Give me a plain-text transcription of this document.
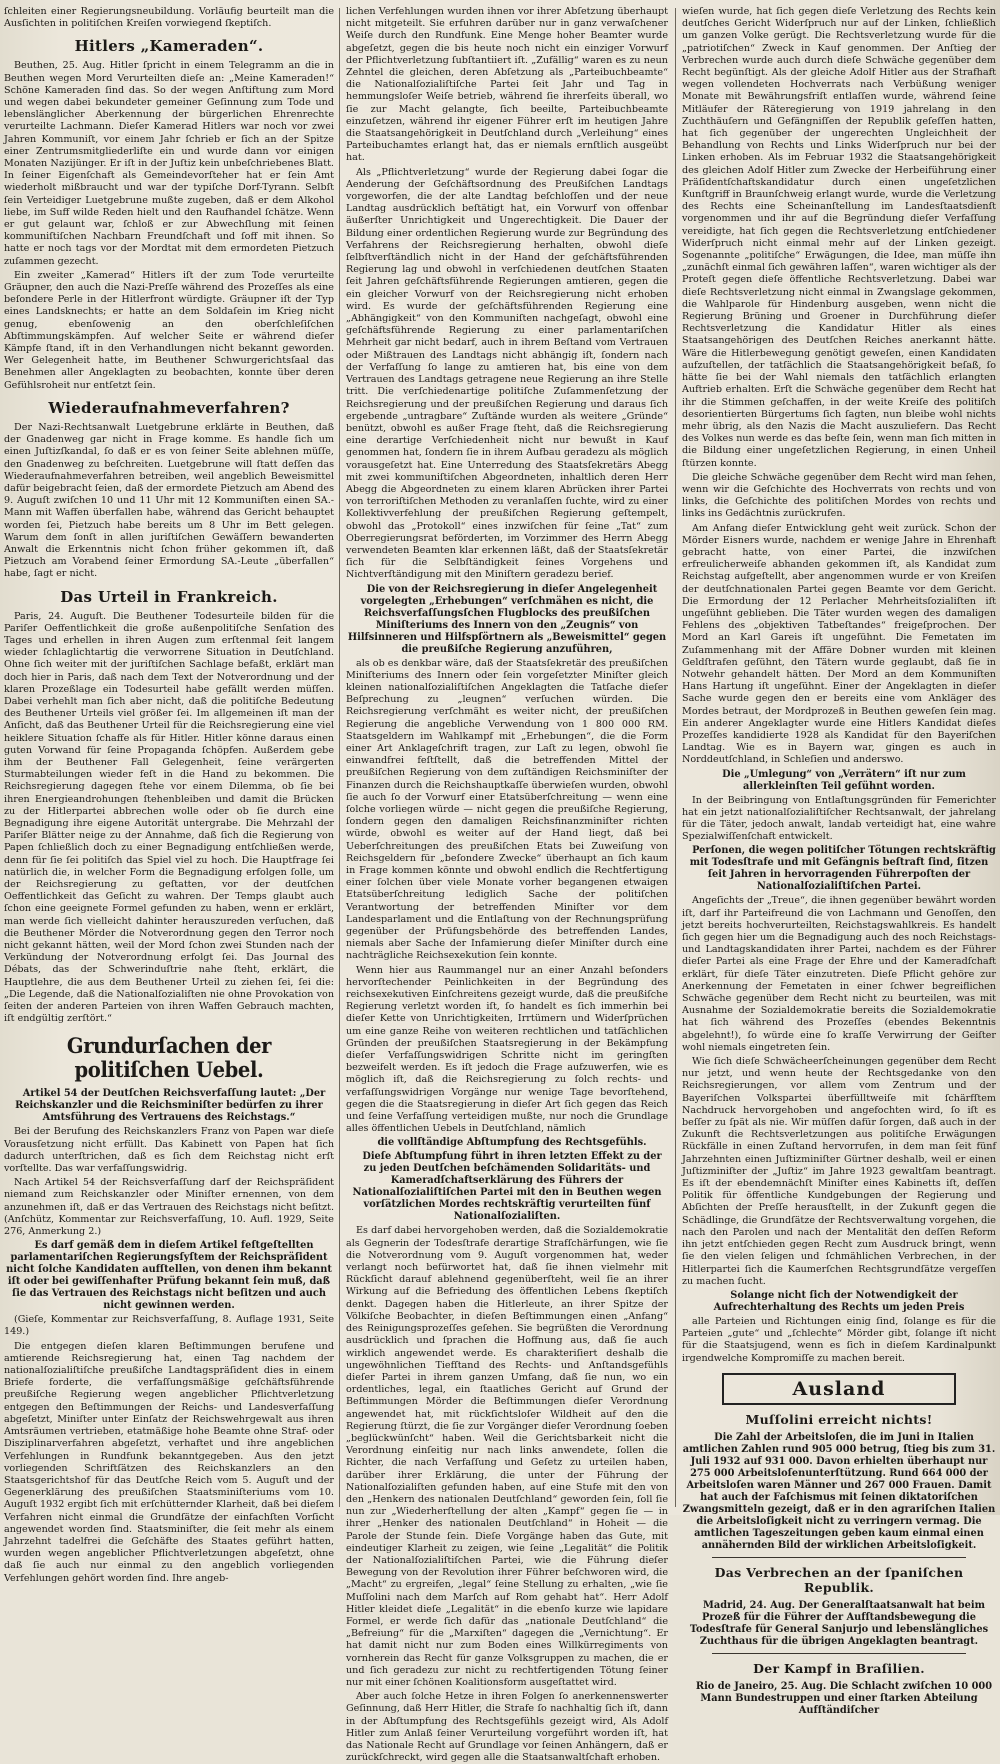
ſchleiten einer Regierungsneubildung. Vorläufig beurteilt man die Ausſichten in politiſchen Kreiſen vorwiegend ſkeptiſch.

Hitlers „Kameraden“.

Beuthen, 25. Aug. Hitler ſpricht in einem Telegramm an die in Beuthen wegen Mord Verurteilten dieſe an: „Meine Kameraden!“ Schöne Kameraden ſind das. So der wegen Anſtiftung zum Mord und wegen dabei bekundeter gemeiner Geſinnung zum Tode und lebenslänglicher Aberkennung der bürgerlichen Ehrenrechte verurteilte Lachmann. Dieſer Kamerad Hitlers war noch vor zwei Jahren Kommuniſt, vor einem Jahr ſchrieb er ſich an der Spitze einer Zentrumsmitgliederliſte ein und wurde dann vor einigen Monaten Nazijünger. Er iſt in der Juſtiz kein unbeſchriebenes Blatt. In ſeiner Eigenſchaft als Gemeindevorſteher hat er ſein Amt wiederholt mißbraucht und war der typiſche Dorf-Tyrann. Selbſt ſein Verteidiger Luetgebrune mußte zugeben, daß er dem Alkohol liebe, im Suff wilde Reden hielt und den Raufhandel ſchätze. Wenn er gut gelaunt war, ſchloß er zur Abwechſlung mit ſeinen kommuniſtiſchen Nachbarn Freundſchaft und ſoff mit ihnen. So hatte er noch tags vor der Mordtat mit dem ermordeten Pietzuch zuſammen gezecht.

Ein zweiter „Kamerad“ Hitlers iſt der zum Tode verurteilte Gräupner, den auch die Nazi-Preſſe während des Prozeſſes als eine beſondere Perle in der Hitlerfront würdigte. Gräupner iſt der Typ eines Landsknechts; er hatte an dem Soldaſein im Krieg nicht genug, ebenſowenig an den oberſchleſiſchen Abſtimmungskämpfen. Auf welcher Seite er während dieſer Kämpfe ſtand, iſt in den Verhandlungen nicht bekannt geworden. Wer Gelegenheit hatte, im Beuthener Schwurgerichtsſaal das Benehmen aller Angeklagten zu beobachten, konnte über deren Gefühlsroheit nur entſetzt ſein.

Wiederaufnahmeverfahren?

Der Nazi-Rechtsanwalt Luetgebrune erklärte in Beuthen, daß der Gnadenweg gar nicht in Frage komme. Es handle ſich um einen Juſtizſkandal, ſo daß er es von ſeiner Seite ablehnen müſſe, den Gnadenweg zu beſchreiten. Luetgebrune will ſtatt deſſen das Wiederaufnahmeverfahren betreiben, weil angeblich Beweismittel dafür beigebracht ſeien, daß der ermordete Pietzuch am Abend des 9. Auguſt zwiſchen 10 und 11 Uhr mit 12 Kommuniſten einen SA.-Mann mit Waffen überfallen habe, während das Gericht behauptet worden ſei, Pietzuch habe bereits um 8 Uhr im Bett gelegen. Warum dem ſonſt in allen juriſtiſchen Gewäſſern bewanderten Anwalt die Erkenntnis nicht ſchon früher gekommen iſt, daß Pietzuch am Vorabend ſeiner Ermordung SA.-Leute „überfallen“ habe, ſagt er nicht.

Das Urteil in Frankreich.

Paris, 24. Auguſt. Die Beuthener Todesurteile bilden für die Pariſer Oeffentlichkeit die große außenpolitiſche Senſation des Tages und erhellen in ihren Augen zum erſtenmal ſeit langem wieder ſchlaglichtartig die verworrene Situation in Deutſchland. Ohne ſich weiter mit der juriſtiſchen Sachlage befaßt, erklärt man doch hier in Paris, daß nach dem Text der Notverordnung und der klaren Prozeßlage ein Todesurteil habe gefällt werden müſſen. Dabei verhehlt man ſich aber nicht, daß die politiſche Bedeutung des Beuthener Urteils viel größer ſei. Im allgemeinen iſt man der Anſicht, daß das Beuthener Urteil für die Reichsregierung eine viel heiklere Situation ſchaffe als für Hitler. Hitler könne daraus einen guten Vorwand für ſeine Propaganda ſchöpfen. Außerdem gebe ihm der Beuthener Fall Gelegenheit, ſeine verärgerten Sturmabteilungen wieder feſt in die Hand zu bekommen. Die Reichsregierung dagegen ſtehe vor einem Dilemma, ob ſie bei ihren Energieandrohungen ſtehenbleiben und damit die Brücken zu der Hitlerpartei abbrechen wolle oder ob ſie durch eine Begnadigung ihre eigene Autorität untergrabe. Die Mehrzahl der Pariſer Blätter neige zu der Annahme, daß ſich die Regierung von Papen ſchließlich doch zu einer Begnadigung entſchließen werde, denn für ſie ſei politiſch das Spiel viel zu hoch. Die Hauptfrage ſei natürlich die, in welcher Form die Begnadigung erfolgen ſolle, um der Reichsregierung zu geſtatten, vor der deutſchen Oeffentlichkeit das Geſicht zu wahren. Der Temps glaubt auch ſchon eine geeignete Formel gefunden zu haben, wenn er erklärt, man werde ſich vielleicht dahinter herauszureden verſuchen, daß die Beuthener Mörder die Notverordnung gegen den Terror noch nicht gekannt hätten, weil der Mord ſchon zwei Stunden nach der Verkündung der Notverordnung erfolgt ſei. Das Journal des Débats, das der Schwerinduſtrie nahe ſteht, erklärt, die Hauptlehre, die aus dem Beuthener Urteil zu ziehen ſei, ſei die: „Die Legende, daß die Nationalſozialiſten nie ohne Provokation von ſeiten der anderen Parteien von ihren Waffen Gebrauch machten, iſt endgültig zerſtört.“

Grundurſachen der politiſchen Uebel.

Artikel 54 der Deutſchen Reichsverfaſſung lautet: „Der Reichskanzler und die Reichsminiſter bedürfen zu ihrer Amtsführung des Vertrauens des Reichstags.“

Bei der Berufung des Reichskanzlers Franz von Papen war dieſe Vorausſetzung nicht erfüllt. Das Kabinett von Papen hat ſich dadurch unterſtrichen, daß es ſich dem Reichstag nicht erſt vorſtellte. Das war verfaſſungswidrig.

Nach Artikel 54 der Reichsverfaſſung darf der Reichspräſident niemand zum Reichskanzler oder Miniſter ernennen, von dem anzunehmen iſt, daß er das Vertrauen des Reichstags nicht beſitzt. (Anſchütz, Kommentar zur Reichsverfaſſung, 10. Aufl. 1929, Seite 276, Anmerkung 2.)

Es darf gemäß dem in dieſem Artikel feſtgeſtellten parlamentariſchen Regierungsſyſtem der Reichspräſident nicht ſolche Kandidaten aufſtellen, von denen ihm bekannt iſt oder bei gewiſſenhafter Prüfung bekannt ſein muß, daß ſie das Vertrauen des Reichstags nicht beſitzen und auch nicht gewinnen werden.

(Gieſe, Kommentar zur Reichsverfaſſung, 8. Auflage 1931, Seite 149.)

Die entgegen dieſen klaren Beſtimmungen berufene und amtierende Reichsregierung hat, einen Tag nachdem der nationalſozialiſtiſche preußiſche Landtagspräſident dies in einem Briefe forderte, die verfaſſungsmäßige geſchäftsführende preußiſche Regierung wegen angeblicher Pflichtverletzung entgegen den Beſtimmungen der Reichs- und Landesverfaſſung abgeſetzt, Miniſter unter Einſatz der Reichswehrgewalt aus ihren Amtsräumen vertrieben, etatmäßige hohe Beamte ohne Straf- oder Disziplinarverfahren abgeſetzt, verhaftet und ihre angeblichen Verfehlungen in Rundfunk bekanntgegeben. Aus den jetzt vorliegenden Schriftſätzen des Reichskanzlers an den Staatsgerichtshof für das Deutſche Reich vom 5. Auguſt und der Gegenerklärung des preußiſchen Staatsminiſteriums vom 10. Auguſt 1932 ergibt ſich mit erſchütternder Klarheit, daß bei dieſem Verfahren nicht einmal die Grundſätze der einfachſten Vorſicht angewendet worden ſind. Staatsminiſter, die ſeit mehr als einem Jahrzehnt tadelfrei die Geſchäfte des Staates geführt hatten, wurden wegen angeblicher Pflichtverletzungen abgeſetzt, ohne daß ſie auch nur einmal zu den angeblich vorliegenden Verfehlungen gehört worden ſind. Ihre angeb-

lichen Verfehlungen wurden ihnen vor ihrer Abſetzung überhaupt nicht mitgeteilt. Sie erfuhren darüber nur in ganz verwaſchener Weiſe durch den Rundfunk. Eine Menge hoher Beamter wurde abgeſetzt, gegen die bis heute noch nicht ein einziger Vorwurf der Pflichtverletzung ſubſtantiiert iſt. „Zufällig“ waren es zu neun Zehntel die gleichen, deren Abſetzung als „Parteibuchbeamte“ die Nationalſozialiſtiſche Partei ſeit Jahr und Tag in hemmungsloſer Weiſe betrieb, während ſie ihrerſeits überall, wo ſie zur Macht gelangte, ſich beeilte, Parteibuchbeamte einzuſetzen, während ihr eigener Führer erſt im heutigen Jahre die Staatsangehörigkeit in Deutſchland durch „Verleihung“ eines Parteibuchamtes erlangt hat, das er niemals ernſtlich ausgeübt hat.

Als „Pflichtverletzung“ wurde der Regierung dabei ſogar die Aenderung der Geſchäftsordnung des Preußiſchen Landtags vorgeworfen, die der alte Landtag beſchloſſen und der neue Landtag ausdrücklich beſtätigt hat, ein Vorwurf von offenbar äußerſter Unrichtigkeit und Ungerechtigkeit. Die Dauer der Bildung einer ordentlichen Regierung wurde zur Begründung des Verfahrens der Reichsregierung herhalten, obwohl dieſe ſelbſtverſtändlich nicht in der Hand der geſchäftsführenden Regierung lag und obwohl in verſchiedenen deutſchen Staaten ſeit Jahren geſchäftsführende Regierungen amtieren, gegen die ein gleicher Vorwurf von der Reichsregierung nicht erhoben wird. Es wurde der geſchäftsführenden Regierung eine „Abhängigkeit“ von den Kommuniſten nachgeſagt, obwohl eine geſchäftsführende Regierung zu einer parlamentariſchen Mehrheit gar nicht bedarf, auch in ihrem Beſtand vom Vertrauen oder Mißtrauen des Landtags nicht abhängig iſt, ſondern nach der Verfaſſung ſo lange zu amtieren hat, bis eine von dem Vertrauen des Landtags getragene neue Regierung an ihre Stelle tritt. Die verſchiedenartige politiſche Zuſammenſetzung der Reichsregierung und der preußiſchen Regierung und daraus ſich ergebende „untragbare“ Zuſtände wurden als weitere „Gründe“ benützt, obwohl es außer Frage ſteht, daß die Reichsregierung eine derartige Verſchiedenheit nicht nur bewußt in Kauf genommen hat, ſondern ſie in ihrem Aufbau geradezu als möglich vorausgeſetzt hat. Eine Unterredung des Staatsſekretärs Abegg mit zwei kommuniſtiſchen Abgeordneten, inhaltlich deren Herr Abegg die Abgeordneten zu einem klaren Abrücken ihrer Partei von terroriſtiſchen Methoden zu veranlaſſen ſuchte, wird zu einer Kollektivverfehlung der preußiſchen Regierung geſtempelt, obwohl das „Protokoll“ eines inzwiſchen für ſeine „Tat“ zum Oberregierungsrat beförderten, im Vorzimmer des Herrn Abegg verwendeten Beamten klar erkennen läßt, daß der Staatsſekretär ſich für die Selbſtändigkeit ſeines Vorgehens und Nichtverſtändigung mit den Miniſtern geradezu berief.

Die von der Reichsregierung in dieſer Angelegenheit vorgelegten „Erhebungen“ verſchmähen es nicht, die Reichsverfaſſungsſchen Flugblocks des preußiſchen Miniſteriums des Innern von den „Zeugnis“ von Hilfsinneren und Hilfspſörtnern als „Beweismittel“ gegen die preußiſche Regierung anzuführen,

als ob es denkbar wäre, daß der Staatsſekretär des preußiſchen Miniſteriums des Innern oder ſein vorgeſetzter Miniſter gleich kleinen nationalſozialiſtiſchen Angeklagten die Tatſache dieſer Beſprechung zu „leugnen“ verſuchen würden. Die Reichsregierung verſchmäht es weiter nicht, der preußiſchen Regierung die angebliche Verwendung von 1 800 000 RM. Staatsgeldern im Wahlkampf mit „Erhebungen“, die die Form einer Art Anklageſchrift tragen, zur Laſt zu legen, obwohl ſie einwandfrei feſtſtellt, daß die betreffenden Mittel der preußiſchen Regierung von dem zuſtändigen Reichsminiſter der Finanzen durch die Reichshauptkaſſe überwieſen wurden, obwohl ſie auch ſo der Vorwurf einer Etatsüberſchreitung — wenn eine ſolche vorliegen würde — nicht gegen die preußiſche Regierung, ſondern gegen den damaligen Reichsfinanzminiſter richten würde, obwohl es weiter auf der Hand liegt, daß bei Ueberſchreitungen des preußiſchen Etats bei Zuweiſung von Reichsgeldern für „beſondere Zwecke“ überhaupt an ſich kaum in Frage kommen könnte und obwohl endlich die Rechtfertigung einer ſolchen über viele Monate vorher begangenen etwaigen Etatsüberſchreitung lediglich Sache der politiſchen Verantwortung der betreffenden Miniſter vor dem Landesparlament und die Entlaſtung von der Rechnungsprüfung gegenüber der Prüfungsbehörde des betreffenden Landes, niemals aber Sache der Infamierung dieſer Miniſter durch eine nachträgliche Reichsexekution ſein konnte.

Wenn hier aus Raummangel nur an einer Anzahl beſonders hervorſtechender Peinlichkeiten in der Begründung des reichsexekutiven Einſchreitens gezeigt wurde, daß die preußiſche Regierung verletzt worden iſt, ſo handelt es ſich immerhin bei dieſer Kette von Unrichtigkeiten, Irrtümern und Widerſprüchen um eine ganze Reihe von weiteren rechtlichen und tatſächlichen Gründen der preußiſchen Staatsregierung in der Bekämpfung dieſer Verfaſſungswidrigen Schritte nicht im geringſten bezweifelt werden. Es iſt jedoch die Frage aufzuwerfen, wie es möglich iſt, daß die Reichsregierung zu ſolch rechts- und verfaſſungswidrigen Vorgänge nur wenige Tage bevorſtehend, gegen die die Staatsregierung in dieſer Art ſich gegen das Reich und ſeine Verfaſſung verteidigen mußte, nur noch die Grundlage alles öffentlichen Uebels in Deutſchland, nämlich

die vollſtändige Abſtumpfung des Rechtsgefühls.

Dieſe Abſtumpfung führt in ihren letzten Effekt zu der zu jeden Deutſchen beſchämenden Solidaritäts- und Kameradſchaftserklärung des Führers der Nationalſozialiſtiſchen Partei mit den in Beuthen wegen vorſätzlichen Mordes rechtskräftig verurteilten fünf Nationalſozialiſten.

Es darf dabei hervorgehoben werden, daß die Sozialdemokratie als Gegnerin der Todesſtrafe derartige Strafſchärfungen, wie ſie die Notverordnung vom 9. Auguſt vorgenommen hat, weder verlangt noch befürwortet hat, daß ſie ihnen vielmehr mit Rückſicht darauf ablehnend gegenüberſteht, weil ſie an ihrer Wirkung auf die Befriedung des öffentlichen Lebens ſkeptiſch denkt. Dagegen haben die Hitlerleute, an ihrer Spitze der Völkiſche Beobachter, in dieſen Beſtimmungen einen „Anfang“ des Reinigungsprozeſſes geſehen. Sie begrüßten die Verordnung ausdrücklich und ſprachen die Hoffnung aus, daß ſie auch wirklich angewendet werde. Es charakteriſiert deshalb die ungewöhnlichen Tiefſtand des Rechts- und Anſtandsgefühls dieſer Partei in ihrem ganzen Umfang, daß ſie nun, wo ein ordentliches, legal, ein ſtaatliches Gericht auf Grund der Beſtimmungen Mörder die Beſtimmungen dieſer Verordnung angewendet hat, mit rückſichtsloſer Wildheit auf den die Regierung ſtürzt, die ſie zur Vorgänger dieſer Verordnung ſoeben „beglückwünſcht“ haben. Weil die Gerichtsbarkeit nicht die Verordnung einſeitig nur nach links anwendete, ſollen die Richter, die nach Verfaſſung und Geſetz zu urteilen haben, darüber ihrer Erklärung, die unter der Führung der Nationalſozialiſten gefunden haben, auf eine Stufe mit den von den „Henkern des nationalen Deutſchland“ geworden ſein, ſoll ſie nun zur „Wiederherſtellung der alten „Kampf“ gegen ſie — in ihrer „Henker des nationalen Deutſchland“ in Hoheit — die Parole der Stunde ſein. Dieſe Vorgänge haben das Gute, mit eindeutiger Klarheit zu zeigen, wie ſeine „Legalität“ die Politik der Nationalſozialiſtiſchen Partei, wie die Führung dieſer Bewegung von der Revolution ihrer Führer beſchworen wird, die „Macht“ zu ergreifen, „legal“ ſeine Stellung zu erhalten, „wie ſie Muſſolini nach dem Marſch auf Rom gehabt hat“. Herr Adolf Hitler kleidet dieſe „Legalität“ in die ebenſo kurze wie lapidare Formel, er werde ſich dafür das „nationale Deutſchland“ die „Befreiung“ für die „Marxiſten“ dagegen die „Vernichtung“. Er hat damit nicht nur zum Boden eines Willkürregiments von vornherein das Recht für ganze Volksgruppen zu machen, die er und ſich geradezu zur nicht zu rechtfertigenden Tötung ſeiner nur mit einer ſchönen Koalitionsform ausgeſtattet wird.

Aber auch ſolche Hetze in ihren Folgen ſo anerkennenswerter Geſinnung, daß Herr Hitler, die Strafe ſo nachhaltig ſich iſt, dann in der Abſtumpfung des Rechtsgefühls gezeigt wird, Als Adolf Hitler zum Anlaß ſeiner Verurteilung vorgeführt worden iſt, hat das Nationale Recht auf Grundlage vor ſeinen Anhängern, daß er zurückſchreckt, wird gegen alle die Staatsanwaltſchaft erhoben.

wieſen wurde, hat ſich gegen dieſe Verletzung des Rechts kein deutſches Gericht Widerſpruch nur auf der Linken, ſchließlich um ganzen Volke gerügt. Die Rechtsverletzung wurde für die „patriotiſchen“ Zweck in Kauf genommen. Der Anſtieg der Verbrechen wurde auch durch dieſe Schwäche gegenüber dem Recht begünſtigt. Als der gleiche Adolf Hitler aus der Strafhaft wegen vollendeten Hochverrats nach Verbüßung weniger Monate mit Bewährungsfriſt entlaſſen wurde, während ſeine Mitläufer der Räteregierung von 1919 jahrelang in den Zuchthäuſern und Gefängniſſen der Republik geſeſſen hatten, hat ſich gegenüber der ungerechten Ungleichheit der Behandlung von Rechts und Links Widerſpruch nur bei der Linken erhoben. Als im Februar 1932 die Staatsangehörigkeit des gleichen Adolf Hitler zum Zwecke der Herbeiführung einer Präſidentſchaftskandidatur durch einen ungeſetzlichen Kunſtgriff in Braunſchweig erlangt wurde, wurde die Verletzung des Rechts eine Scheinanſtellung im Landesſtaatsdienſt vorgenommen und ihr auf die Begründung dieſer Verfaſſung vereidigte, hat ſich gegen die Rechtsverletzung entſchiedener Widerſpruch nicht einmal mehr auf der Linken gezeigt. Sogenannte „politiſche“ Erwägungen, die Idee, man müſſe ihn „zunächſt einmal ſich gewähren laſſen“, waren wichtiger als der Proteſt gegen dieſe öffentliche Rechtsverletzung. Dabei war dieſe Rechtsverletzung nicht einmal in Zwangslage gekommen, die Wahlparole für Hindenburg ausgeben, wenn nicht die Regierung Brüning und Groener in Durchführung dieſer Rechtsverletzung die Kandidatur Hitler als eines Staatsangehörigen des Deutſchen Reiches anerkannt hätte. Wäre die Hitlerbewegung genötigt geweſen, einen Kandidaten aufzuſtellen, der tatſächlich die Staatsangehörigkeit beſaß, ſo hätte ſie bei der Wahl niemals den tatſächlich erlangten Auftrieb erhalten. Erſt die Schwäche gegenüber dem Recht hat ihr die Stimmen geſchaffen, in der weite Kreiſe des politiſch desorientierten Bürgertums ſich ſagten, nun bleibe wohl nichts mehr übrig, als den Nazis die Macht auszuliefern. Das Recht des Volkes nun werde es das beſte ſein, wenn man ſich mitten in die Bildung einer ungeſetzlichen Regierung, in einen Unheil ſtürzen konnte.

Die gleiche Schwäche gegenüber dem Recht wird man ſehen, wenn wir die Geſchichte des Hochverrats von rechts und von links, die Geſchichte des politiſchen Mordes von rechts und links ins Gedächtnis zurückrufen.

Am Anfang dieſer Entwicklung geht weit zurück. Schon der Mörder Eisners wurde, nachdem er wenige Jahre in Ehrenhaft gebracht hatte, von einer Partei, die inzwiſchen erfreulicherweiſe abhanden gekommen iſt, als Kandidat zum Reichstag aufgeſtellt, aber angenommen wurde er von Kreiſen der deutſchnationalen Partei gegen Beamte vor dem Gericht. Die Ermordung der 12 Perlacher Mehrheitsſozialiſten iſt ungeſühnt geblieben. Die Täter wurden wegen des damaligen Fehlens des „objektiven Tatbeſtandes“ freigeſprochen. Der Mord an Karl Gareis iſt ungeſühnt. Die Femetaten im Zuſammenhang mit der Affäre Dobner wurden mit kleinen Geldſtrafen geſühnt, den Tätern wurde geglaubt, daß ſie in Notwehr gehandelt hätten. Der Mord an dem Kommuniſten Hans Hartung iſt ungeſühnt. Einer der Angeklagten in dieſer Sache wurde gegen den er bereits eine vom Ankläger des Mordes betraut, der Mordprozeß in Beuthen geweſen ſein mag. Ein anderer Angeklagter wurde eine Hitlers Kandidat dieſes Prozeſſes kandidierte 1928 als Kandidat für den Bayeriſchen Landtag. Wie es in Bayern war, gingen es auch in Norddeutſchland, in Schleſien und anderswo.

Die „Umlegung“ von „Verrätern“ iſt nur zum allerkleinſten Teil geſühnt worden.

In der Beibringung von Entlaſtungsgründen für Femerichter hat ein jetzt nationalſozialiſtiſcher Rechtsanwalt, der jahrelang für die Täter, jedoch anwalt, landab verteidigt hat, eine wahre Spezialwiſſenſchaft entwickelt.

Perſonen, die wegen politiſcher Tötungen rechtskräftig mit Todesſtrafe und mit Gefängnis beſtraft ſind, ſitzen ſeit Jahren in hervorragenden Führerpoſten der Nationalſozialiſtiſchen Partei.

Angeſichts der „Treue“, die ihnen gegenüber bewährt worden iſt, darf ihr Parteifreund die von Lachmann und Genoſſen, den jetzt bereits hochverurteilten, Reichstagswahlkreis. Es handelt ſich gegen hier um die Begnadigung auch des noch Reichstags- und Landtagskandidaten ihrer Partei, nachdem es der Führer dieſer Partei als eine Frage der Ehre und der Kameradſchaft erklärt, für dieſe Täter einzutreten. Dieſe Pflicht gehöre zur Anerkennung der Femetaten in einer ſchwer begreiflichen Schwäche gegenüber dem Recht nicht zu beurteilen, was mit Ausnahme der Sozialdemokratie bereits die Sozialdemokratie hat ſich während des Prozeſſes (ebendes Bekenntnis abgelehnt!), ſo würde eine ſo kraſſe Verwirrung der Geiſter wohl niemals eingetreten ſein.

Wie ſich dieſe Schwächeerſcheinungen gegenüber dem Recht nur jetzt, und wenn heute der Rechtsgedanke von den Reichsregierungen, vor allem vom Zentrum und der Bayeriſchen Volkspartei überfülltweiſe mit ſchärfſtem Nachdruck hervorgehoben und angefochten wird, ſo iſt es beſſer zu ſpät als nie. Wir müſſen dafür ſorgen, daß auch in der Zukunft die Rechtsverletzungen aus politiſche Erwägungen Rückfälle in einen Zuſtand hervorrufen, in dem man ſeit fünf Jahrzehnten einen Juſtizminiſter Gürtner deshalb, weil er einen Juſtizminiſter der „Juſtiz“ im Jahre 1923 gewaltſam beantragt. Es iſt der ebendemnächſt Miniſter eines Kabinetts iſt, deſſen Politik für öffentliche Kundgebungen der Regierung und Abſichten der Preſſe herausſtellt, in der Zukunft gegen die Schädlinge, die Grundſätze der Rechtsverwaltung vorgehen, die nach den Parolen und nach der Mentalität den deſſen Reform ihn jetzt entſchieden gegen Recht zum Ausdruck bringt, wenn ſie den vielen ſeligen und ſchmählichen Verbrechen, in der Hitlerpartei ſich die Kaumerſchen Rechtsgrundſätze vergeſſen zu machen ſucht.

Solange nicht ſich der Notwendigkeit der Aufrechterhaltung des Rechts um jeden Preis

alle Parteien und Richtungen einig ſind, ſolange es für die Parteien „gute“ und „ſchlechte“ Mörder gibt, ſolange iſt nicht für die Staatsjugend, wenn es ſich in dieſem Kardinalpunkt irgendwelche Kompromiſſe zu machen bereit.

Ausland
Muſſolini erreicht nichts!

Die Zahl der Arbeitsloſen, die im Juni in Italien amtlichen Zahlen rund 905 000 betrug, ſtieg bis zum 31. Juli 1932 auf 931 000. Davon erhielten überhaupt nur 275 000 Arbeitsloſenunterſtützung. Rund 664 000 der Arbeitsloſen waren Männer und 267 000 Frauen. Damit hat auch der Faſchismus mit ſeinen diktatoriſchen Zwangsmitteln gezeigt, daß er in den agrariſchen Italien die Arbeitsloſigkeit nicht zu verringern vermag. Die amtlichen Tageszeitungen geben kaum einmal einen annähernden Bild der wirklichen Arbeitsloſigkeit.

Das Verbrechen an der ſpaniſchen Republik.

Madrid, 24. Aug. Der Generalſtaatsanwalt hat beim Prozeß für die Führer der Aufſtandsbewegung die Todesſtrafe für General Sanjurjo und lebenslängliches Zuchthaus für die übrigen Angeklagten beantragt.

Der Kampf in Braſilien.

Rio de Janeiro, 25. Aug. Die Schlacht zwiſchen 10 000 Mann Bundestruppen und einer ſtarken Abteilung Aufſtändiſcher
